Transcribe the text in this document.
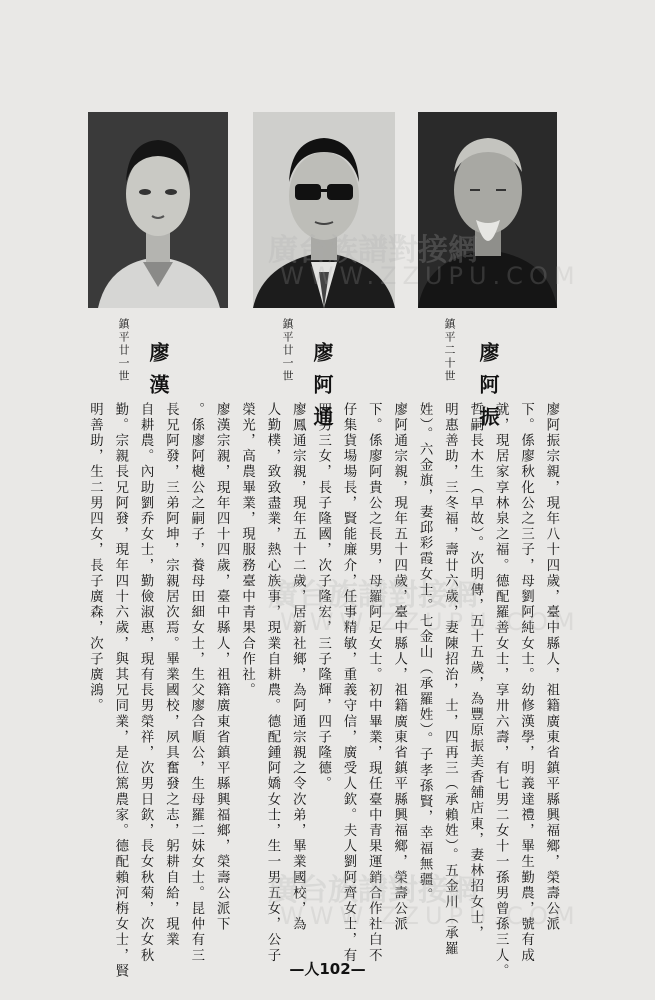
鎮平廿一世 廖漢	鎮平廿一世 廖阿通	鎮平二十世 廖阿振
廖阿振宗親，現年八十四歲，臺中縣人，祖籍廣東省鎮平縣興福鄉，榮壽公派
下。係廖秋化公之三子，母劉阿純女士。幼修漢學，明義達禮，畢生勤農，號有成
就，現居家享林泉之福。德配羅善女士，享卅六壽，有七男二女十一孫男曾孫三人。
哲嗣長木生（早故）。次明傳，五十五歲，為豐原振美香舖店東，妻林招女士，
明惠善助，三冬福，壽廿六歲，妻陳招治，士，四再三（承賴姓）。五金川（承羅
姓）。六金旗，妻邱彩霞女士。七金山（承羅姓）。子孝孫賢，幸福無疆。
廖阿通宗親，現年五十四歲，臺中縣人，祖籍廣東省鎮平縣興福鄉，榮壽公派
下。係廖阿貴公之長男，母羅阿足女士。初中畢業，現任臺中青果運銷合作社白不
仔集貨場場長，賢能廉介，任事精敏，重義守信，廣受人欽。夫人劉阿齊女士，有
四男三女，長子隆國，次子隆宏，三子隆輝，四子隆德。
廖鳳通宗親，現年五十二歲，居新社鄉，為阿通宗親之令次弟，畢業國校，為
人勤樸，致致盡業，熱心族事，現業自耕農。德配鍾阿嬌女士，生一男五女，公子
榮光，高農畢業，現服務臺中青果合作社。
廖漢宗親，現年四十四歲，臺中縣人，祖籍廣東省鎮平縣興福鄉，榮壽公派下
。係廖阿樾公之嗣子，養母田細女士，生父廖合順公，生母羅二妹女士。昆仲有三
長兄阿發，三弟阿坤，宗親居次焉。畢業國校，夙具奮發之志，躬耕自給，現業
自耕農。內助劉乔女士，勤儉淑惠，現有長男榮祥，次男日欽，長女秋菊，次女秋
勤。宗親長兄阿發，現年四十六歲，與其兄同業，是位篤農家。德配賴河栴女士，賢
明善助，生二男四女，長子廣森，次子廣鴻。
廣台族譜對接網
WWW.ZZUPU.COM
廣台族譜對接網
WWW.ZZUPU.COM
廣台族譜對接網
WWW.ZZUPU.COM
—人102—
